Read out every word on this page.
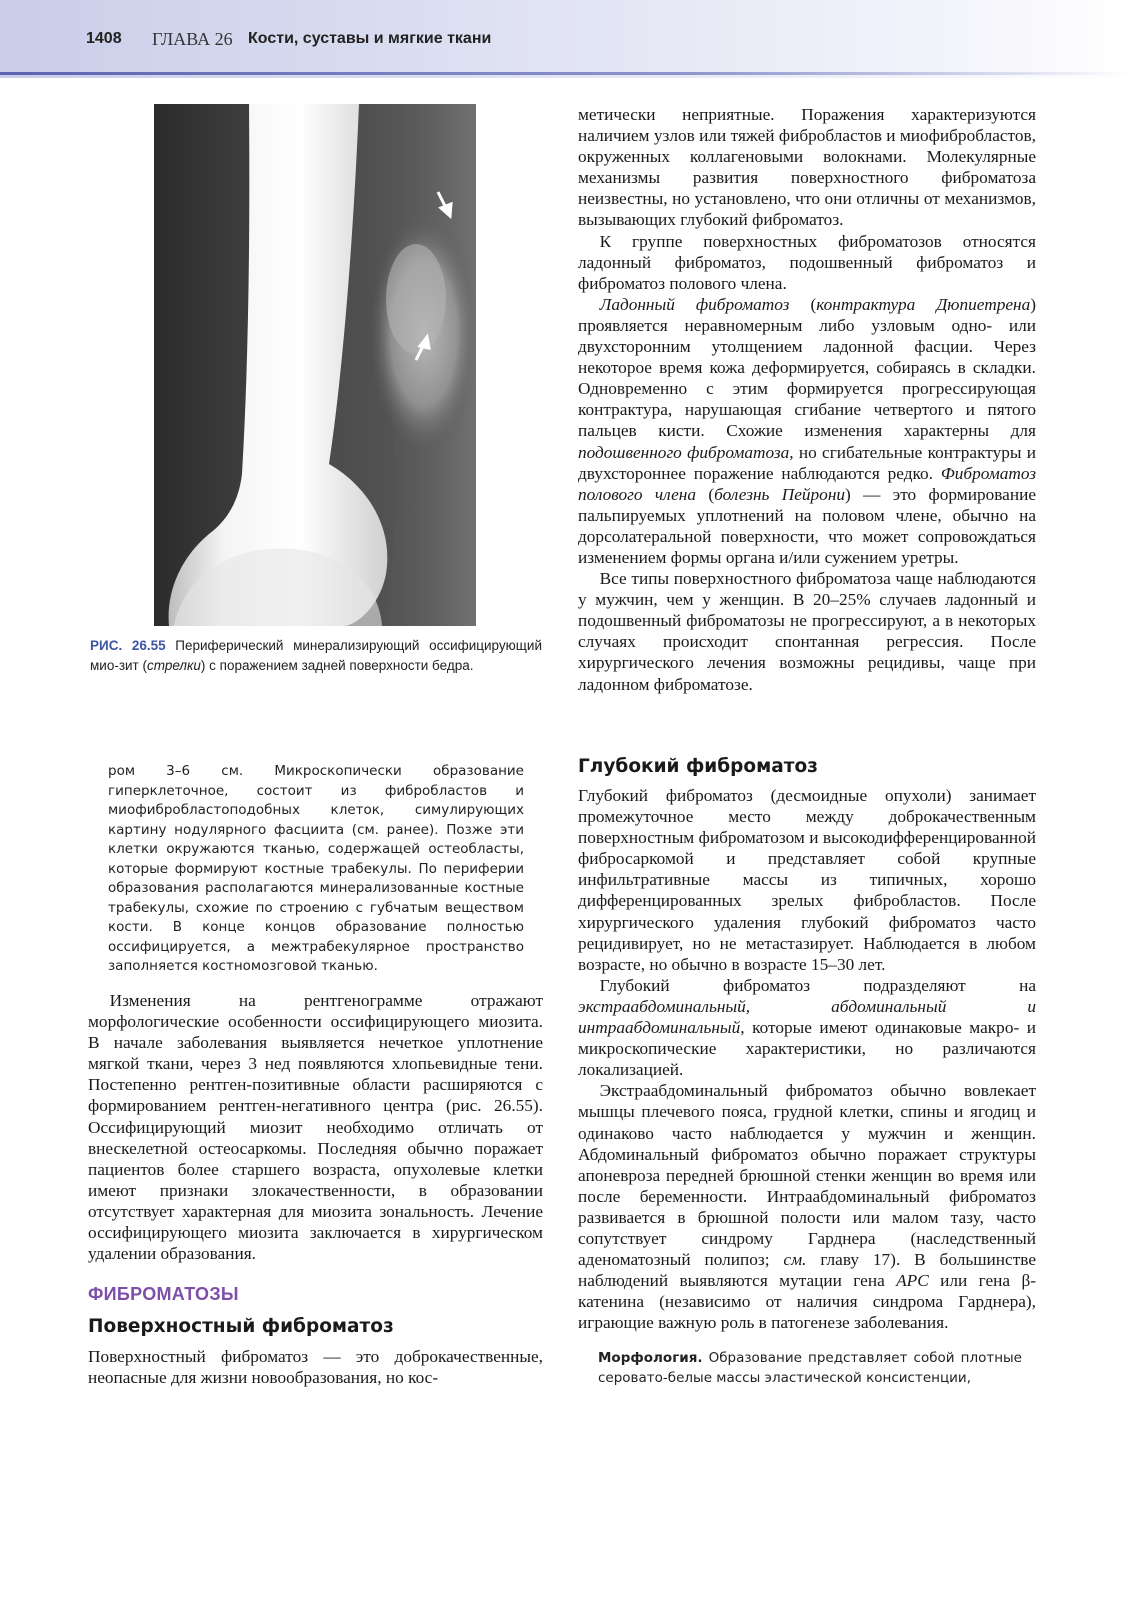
1408 ГЛАВА 26 Кости, суставы и мягкие ткани
РИС. 26.55 Периферический минерализирующий оссифицирующий мио-зит (стрелки) с поражением задней поверхности бедра.
ром 3–6 см. Микроскопически образование гиперклеточное, состоит из фибробластов и миофибробластоподобных клеток, симулирующих картину нодулярного фасциита (см. ранее). Позже эти клетки окружаются тканью, содержащей остеобласты, которые формируют костные трабекулы. По периферии образования располагаются минерализованные костные трабекулы, схожие по строению с губчатым веществом кости. В конце концов образование полностью оссифицируется, а межтрабекулярное пространство заполняется костномозговой тканью.

Изменения на рентгенограмме отражают морфологические особенности оссифицирующего миозита. В начале заболевания выявляется нечеткое уплотнение мягкой ткани, через 3 нед появляются хлопьевидные тени. Постепенно рентген-позитивные области расширяются с формированием рентген-негативного центра (рис. 26.55). Оссифицирующий миозит необходимо отличать от внескелетной остеосаркомы. Последняя обычно поражает пациентов более старшего возраста, опухолевые клетки имеют признаки злокачественности, в образовании отсутствует характерная для миозита зональность. Лечение оссифицирующего миозита заключается в хирургическом удалении образования.

ФИБРОМАТОЗЫ
Поверхностный фиброматоз

Поверхностный фиброматоз — это доброкачественные, неопасные для жизни новообразования, но кос-

метически неприятные. Поражения характеризуются наличием узлов или тяжей фибробластов и миофибробластов, окруженных коллагеновыми волокнами. Молекулярные механизмы развития поверхностного фиброматоза неизвестны, но установлено, что они отличны от механизмов, вызывающих глубокий фиброматоз.

К группе поверхностных фиброматозов относятся ладонный фиброматоз, подошвенный фиброматоз и фиброматоз полового члена.

Ладонный фиброматоз (контрактура Дюпиетрена) проявляется неравномерным либо узловым одно- или двухсторонним утолщением ладонной фасции. Через некоторое время кожа деформируется, собираясь в складки. Одновременно с этим формируется прогрессирующая контрактура, нарушающая сгибание четвертого и пятого пальцев кисти. Схожие изменения характерны для подошвенного фиброматоза, но сгибательные контрактуры и двухстороннее поражение наблюдаются редко. Фиброматоз полового члена (болезнь Пейрони) — это формирование пальпируемых уплотнений на половом члене, обычно на дорсолатеральной поверхности, что может сопровождаться изменением формы органа и/или сужением уретры.

Все типы поверхностного фиброматоза чаще наблюдаются у мужчин, чем у женщин. В 20–25% случаев ладонный и подошвенный фиброматозы не прогрессируют, а в некоторых случаях происходит спонтанная регрессия. После хирургического лечения возможны рецидивы, чаще при ладонном фиброматозе.

Глубокий фиброматоз

Глубокий фиброматоз (десмоидные опухоли) занимает промежуточное место между доброкачественным поверхностным фиброматозом и высокодифференцированной фибросаркомой и представляет собой крупные инфильтративные массы из типичных, хорошо дифференцированных зрелых фибробластов. После хирургического удаления глубокий фиброматоз часто рецидивирует, но не метастазирует. Наблюдается в любом возрасте, но обычно в возрасте 15–30 лет.

Глубокий фиброматоз подразделяют на экстраабдоминальный, абдоминальный и интраабдоминальный, которые имеют одинаковые макро- и микроскопические характеристики, но различаются локализацией.

Экстраабдоминальный фиброматоз обычно вовлекает мышцы плечевого пояса, грудной клетки, спины и ягодиц и одинаково часто наблюдается у мужчин и женщин. Абдоминальный фиброматоз обычно поражает структуры апоневроза передней брюшной стенки женщин во время или после беременности. Интраабдоминальный фиброматоз развивается в брюшной полости или малом тазу, часто сопутствует синдрому Гарднера (наследственный аденоматозный полипоз; см. главу 17). В большинстве наблюдений выявляются мутации гена APC или гена β-катенина (независимо от наличия синдрома Гарднера), играющие важную роль в патогенезе заболевания.

Морфология. Образование представляет собой плотные серовато-белые массы эластической консистенции,
